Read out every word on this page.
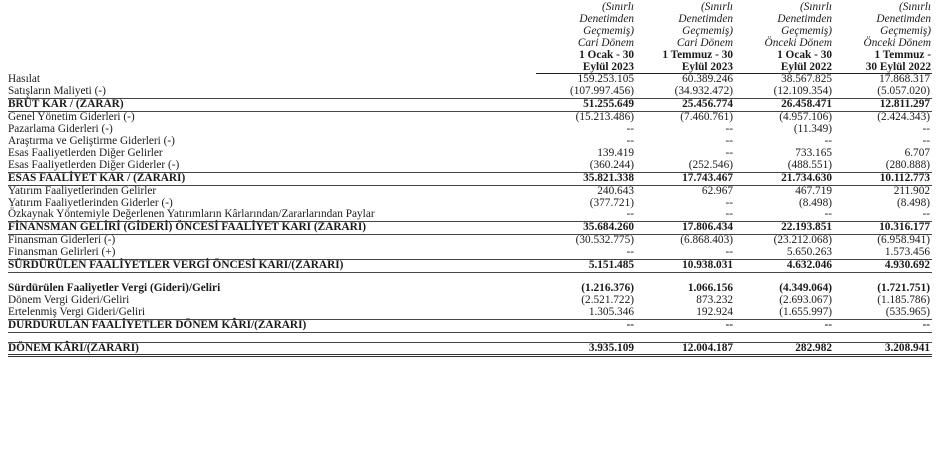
	(Sınırlı	(Sınırlı	(Sınırlı	(Sınırlı
	Denetimden	Denetimden	Denetimden	Denetimden
	Geçmemiş)	Geçmemiş)	Geçmemiş)	Geçmemiş)
	Cari Dönem	Cari Dönem	Önceki Dönem	Önceki Dönem
	1 Ocak - 30	1 Temmuz - 30	1 Ocak - 30	1 Temmuz -
	Eylül 2023	Eylül 2023	Eylül 2022	30 Eylül 2022
Hasılat	159.253.105	60.389.246	38.567.825	17.868.317
Satışların Maliyeti (-)	(107.997.456)	(34.932.472)	(12.109.354)	(5.057.020)
BRÜT KAR / (ZARAR)	51.255.649	25.456.774	26.458.471	12.811.297
Genel Yönetim Giderleri (-)	(15.213.486)	(7.460.761)	(4.957.106)	(2.424.343)
Pazarlama Giderleri (-)	--	--	(11.349)	--
Araştırma ve Geliştirme Giderleri (-)	--	--	--	--
Esas Faaliyetlerden Diğer Gelirler	139.419	--	733.165	6.707
Esas Faaliyetlerden Diğer Giderler (-)	(360.244)	(252.546)	(488.551)	(280.888)
ESAS FAALİYET KAR / (ZARARI)	35.821.338	17.743.467	21.734.630	10.112.773
Yatırım Faaliyetlerinden Gelirler	240.643	62.967	467.719	211.902
Yatırım Faaliyetlerinden Giderler (-)	(377.721)	--	(8.498)	(8.498)
Özkaynak Yöntemiyle Değerlenen Yatırımların Kârlarından/Zararlarından Paylar	--	--	--	--
FİNANSMAN GELİRİ (GİDERİ) ÖNCESİ FAALİYET KARI (ZARARI)	35.684.260	17.806.434	22.193.851	10.316.177
Finansman Giderleri (-)	(30.532.775)	(6.868.403)	(23.212.068)	(6.958.941)
Finansman Gelirleri (+)	--	--	5.650.263	1.573.456
SÜRDÜRÜLEN FAALİYETLER VERGİ ÖNCESİ KARI/(ZARARI)	5.151.485	10.938.031	4.632.046	4.930.692

Sürdürülen Faaliyetler Vergi (Gideri)/Geliri	(1.216.376)	1.066.156	(4.349.064)	(1.721.751)
Dönem Vergi Gideri/Geliri	(2.521.722)	873.232	(2.693.067)	(1.185.786)
Ertelenmiş Vergi Gideri/Geliri	1.305.346	192.924	(1.655.997)	(535.965)
DURDURULAN FAALİYETLER DÖNEM KÂRI/(ZARARI)	--	--	--	--

DÖNEM KÂRI/(ZARARI)	3.935.109	12.004.187	282.982	3.208.941
